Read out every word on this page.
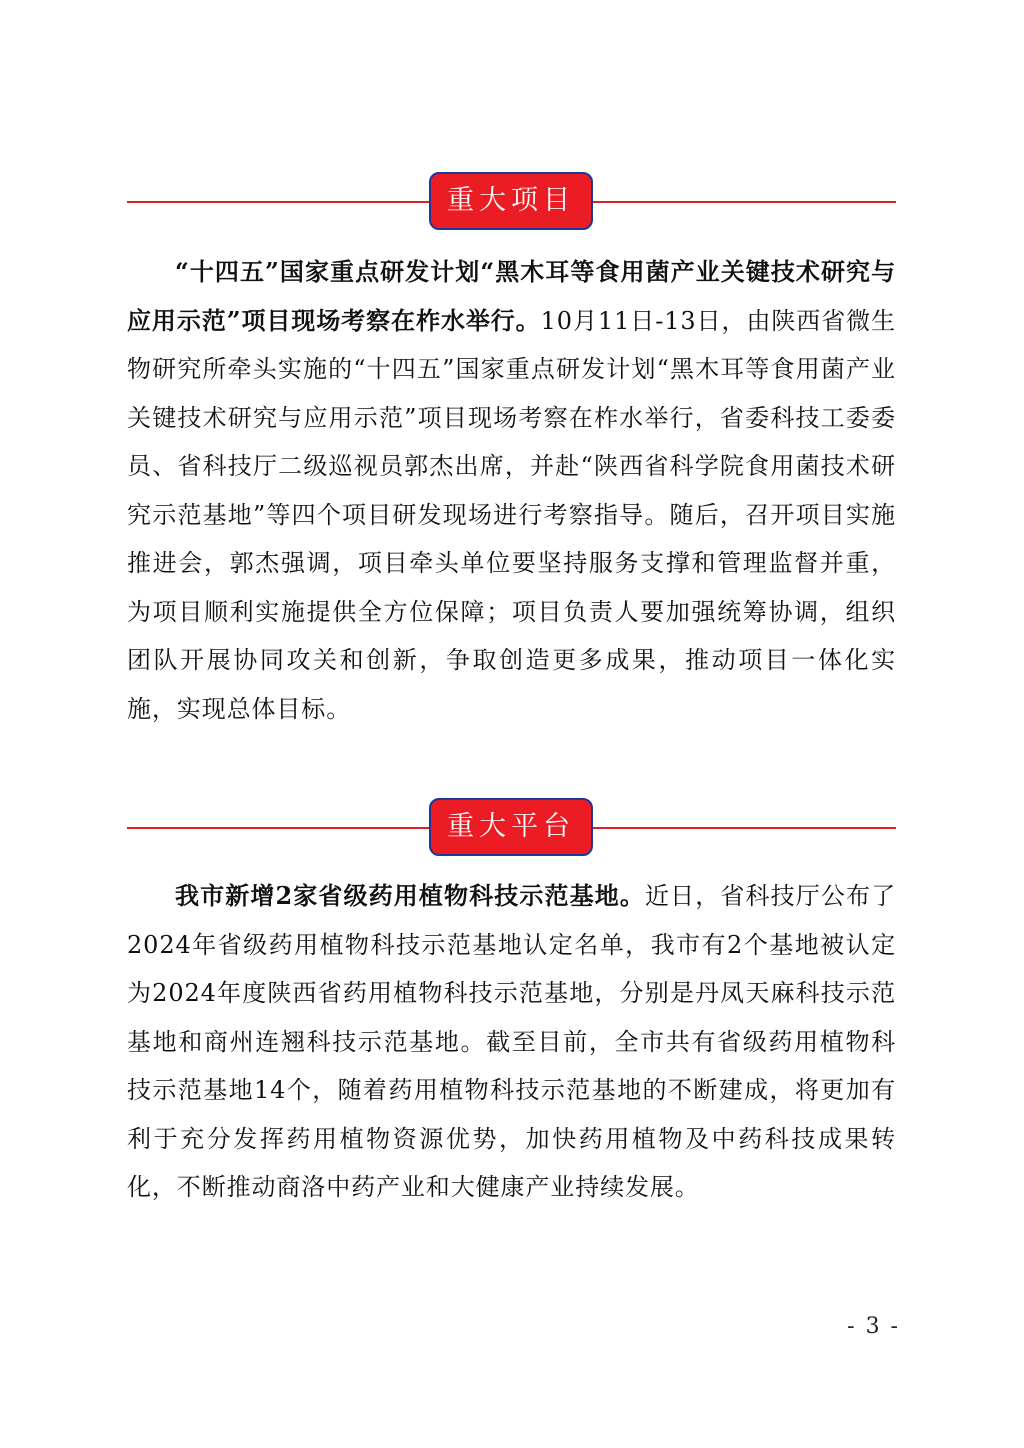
重大项目

“十四五”国家重点研发计划“黑木耳等食用菌产业关键技术研究与应用示范”项目现场考察在柞水举行。10月11日-13日，由陕西省微生物研究所牵头实施的“十四五”国家重点研发计划“黑木耳等食用菌产业关键技术研究与应用示范”项目现场考察在柞水举行，省委科技工委委员、省科技厅二级巡视员郭杰出席，并赴“陕西省科学院食用菌技术研究示范基地”等四个项目研发现场进行考察指导。随后，召开项目实施推进会，郭杰强调，项目牵头单位要坚持服务支撑和管理监督并重，为项目顺利实施提供全方位保障；项目负责人要加强统筹协调，组织团队开展协同攻关和创新，争取创造更多成果，推动项目一体化实施，实现总体目标。

重大平台

我市新增2家省级药用植物科技示范基地。近日，省科技厅公布了2024年省级药用植物科技示范基地认定名单，我市有2个基地被认定为2024年度陕西省药用植物科技示范基地，分别是丹凤天麻科技示范基地和商州连翘科技示范基地。截至目前，全市共有省级药用植物科技示范基地14个，随着药用植物科技示范基地的不断建成，将更加有利于充分发挥药用植物资源优势，加快药用植物及中药科技成果转化，不断推动商洛中药产业和大健康产业持续发展。

- 3 -
